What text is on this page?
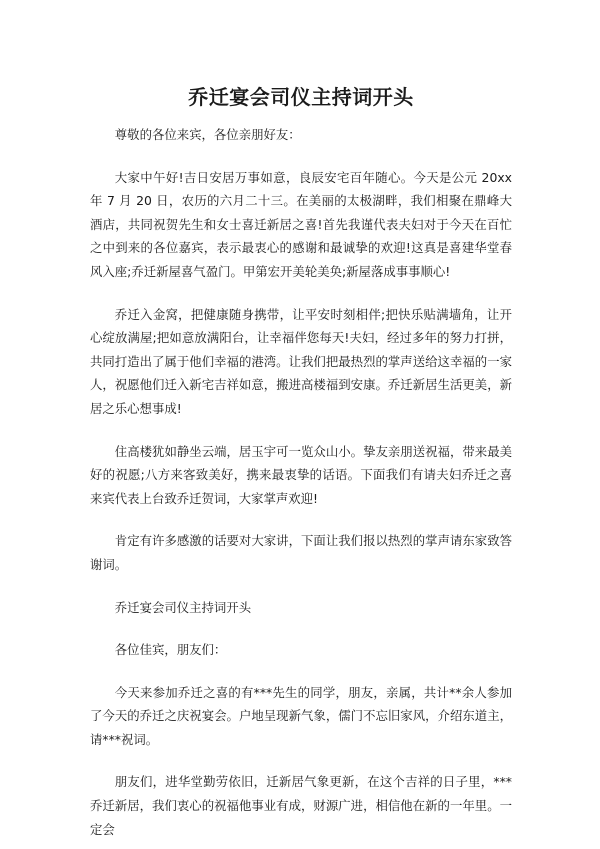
乔迁宴会司仪主持词开头

尊敬的各位来宾，各位亲朋好友：

大家中午好!吉日安居万事如意，良辰安宅百年随心。今天是公元 20xx 年 7 月 20 日，农历的六月二十三。在美丽的太极湖畔，我们相聚在鼎峰大酒店，共同祝贺先生和女士喜迁新居之喜!首先我谨代表夫妇对于今天在百忙之中到来的各位嘉宾，表示最衷心的感谢和最诚挚的欢迎!这真是喜建华堂春风入座;乔迁新屋喜气盈门。甲第宏开美轮美奂;新屋落成事事顺心!

乔迁入金窝，把健康随身携带，让平安时刻相伴;把快乐贴满墙角，让开心绽放满屋;把如意放满阳台，让幸福伴您每天!夫妇，经过多年的努力打拼，共同打造出了属于他们幸福的港湾。让我们把最热烈的掌声送给这幸福的一家人，祝愿他们迁入新宅吉祥如意，搬进高楼福到安康。乔迁新居生活更美，新居之乐心想事成!

住高楼犹如静坐云端，居玉宇可一览众山小。挚友亲朋送祝福，带来最美好的祝愿;八方来客致美好，携来最衷挚的话语。下面我们有请夫妇乔迁之喜来宾代表上台致乔迁贺词，大家掌声欢迎!

肯定有许多感激的话要对大家讲，下面让我们报以热烈的掌声请东家致答谢词。

乔迁宴会司仪主持词开头

各位佳宾，朋友们：

今天来参加乔迁之喜的有***先生的同学，朋友，亲属，共计**余人参加了今天的乔迁之庆祝宴会。户地呈现新气象，儒门不忘旧家风，介绍东道主，请***祝词。

朋友们，进华堂勤劳依旧，迁新居气象更新，在这个吉祥的日子里，***乔迁新居，我们衷心的祝福他事业有成，财源广进，相信他在新的一年里。一定会
